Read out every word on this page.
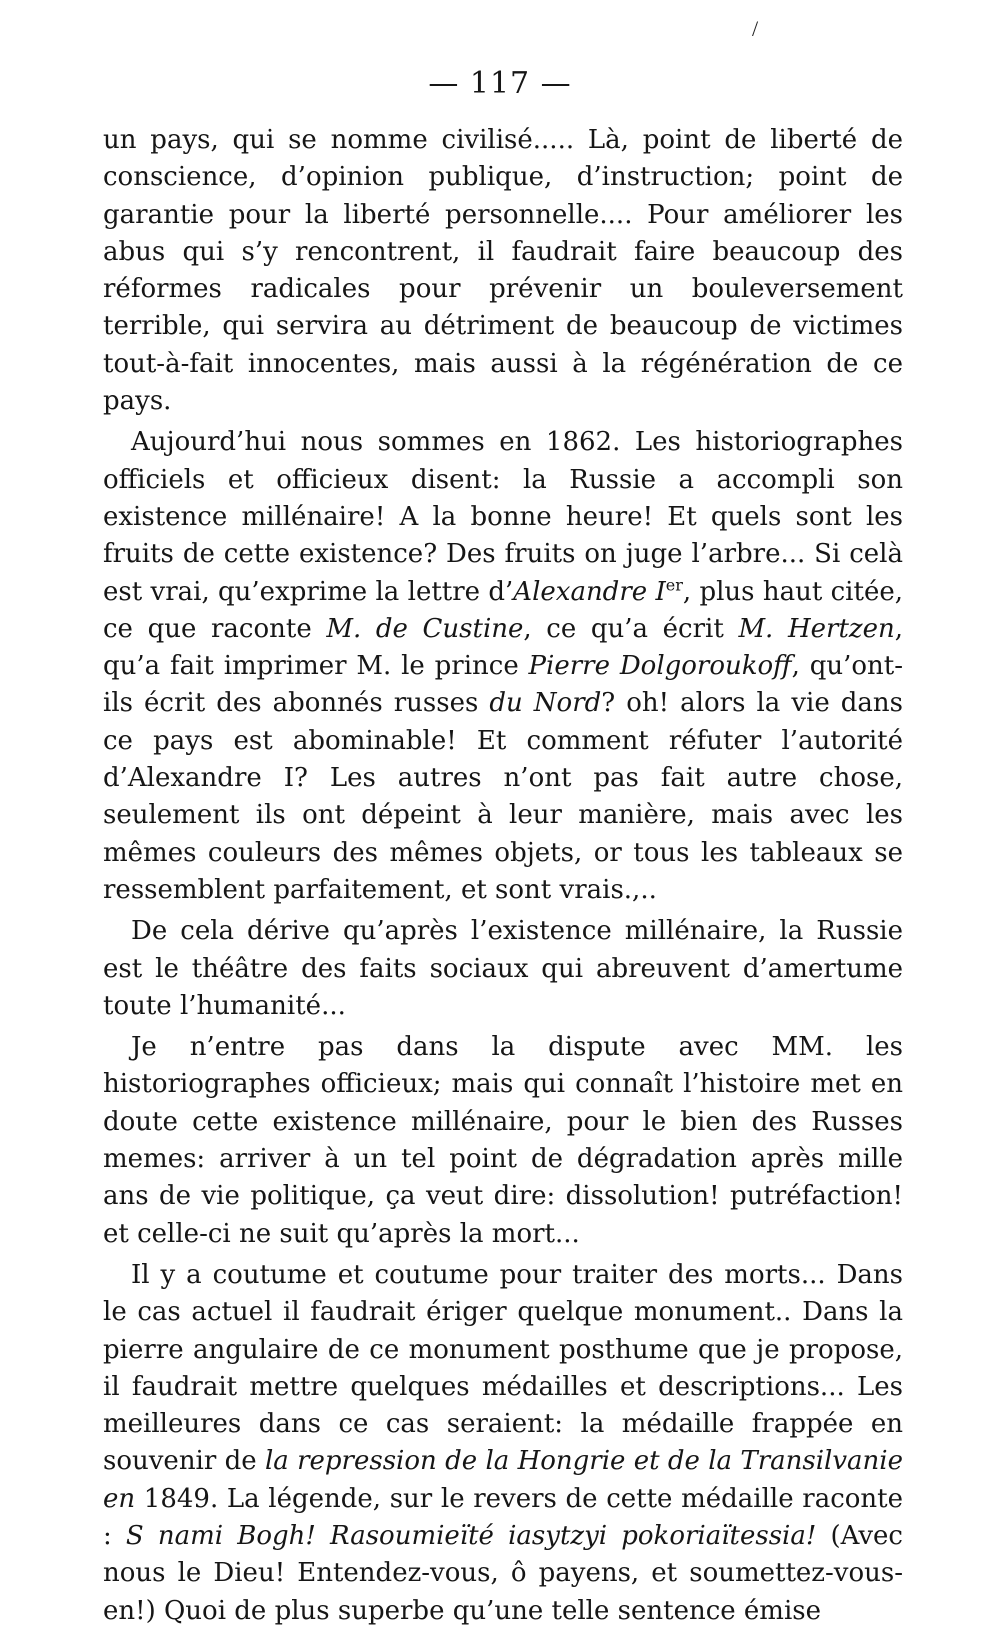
/
— 117 —

un pays, qui se nomme civilisé..... Là, point de liberté de conscience, d’opinion publique, d’instruction; point de garantie pour la liberté personnelle.... Pour améliorer les abus qui s’y rencontrent, il faudrait faire beaucoup des réformes radicales pour prévenir un bouleversement terrible, qui servira au détriment de beaucoup de victimes tout-à-fait innocentes, mais aussi à la régénération de ce pays.

Aujourd’hui nous sommes en 1862. Les historiographes officiels et officieux disent: la Russie a accompli son existence millénaire! A la bonne heure! Et quels sont les fruits de cette existence? Des fruits on juge l’arbre... Si celà est vrai, qu’exprime la lettre d’Alexandre Ier, plus haut citée, ce que raconte M. de Custine, ce qu’a écrit M. Hertzen, qu’a fait imprimer M. le prince Pierre Dolgoroukoff, qu’ont-ils écrit des abonnés russes du Nord? oh! alors la vie dans ce pays est abominable! Et comment réfuter l’autorité d’Alexandre I? Les autres n’ont pas fait autre chose, seulement ils ont dépeint à leur manière, mais avec les mêmes couleurs des mêmes objets, or tous les tableaux se ressemblent parfaitement, et sont vrais.,..

De cela dérive qu’après l’existence millénaire, la Russie est le théâtre des faits sociaux qui abreuvent d’amertume toute l’humanité...

Je n’entre pas dans la dispute avec MM. les historiographes officieux; mais qui connaît l’histoire met en doute cette existence millénaire, pour le bien des Russes memes: arriver à un tel point de dégradation après mille ans de vie politique, ça veut dire: dissolution! putréfaction! et celle-ci ne suit qu’après la mort...

Il y a coutume et coutume pour traiter des morts... Dans le cas actuel il faudrait ériger quelque monument.. Dans la pierre angulaire de ce monument posthume que je propose, il faudrait mettre quelques médailles et descriptions... Les meilleures dans ce cas seraient: la médaille frappée en souvenir de la repression de la Hongrie et de la Transilvanie en 1849. La légende, sur le revers de cette médaille raconte : S nami Bogh! Rasoumieïté iasytzyi pokoriaïtessia! (Avec nous le Dieu! Entendez-vous, ô payens, et soumettez-vous-en!) Quoi de plus superbe qu’une telle sentence émise
